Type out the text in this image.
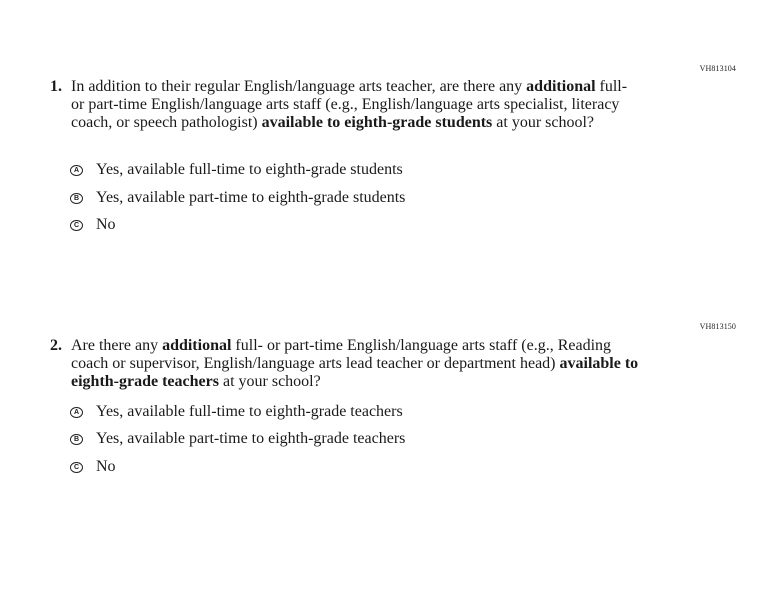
VH813104
1. In addition to their regular English/language arts teacher, are there any additional full- or part-time English/language arts staff (e.g., English/language arts specialist, literacy coach, or speech pathologist) available to eighth-grade students at your school?
A Yes, available full-time to eighth-grade students
B Yes, available part-time to eighth-grade students
C No
VH813150
2. Are there any additional full- or part-time English/language arts staff (e.g., Reading coach or supervisor, English/language arts lead teacher or department head) available to eighth-grade teachers at your school?
A Yes, available full-time to eighth-grade teachers
B Yes, available part-time to eighth-grade teachers
C No
